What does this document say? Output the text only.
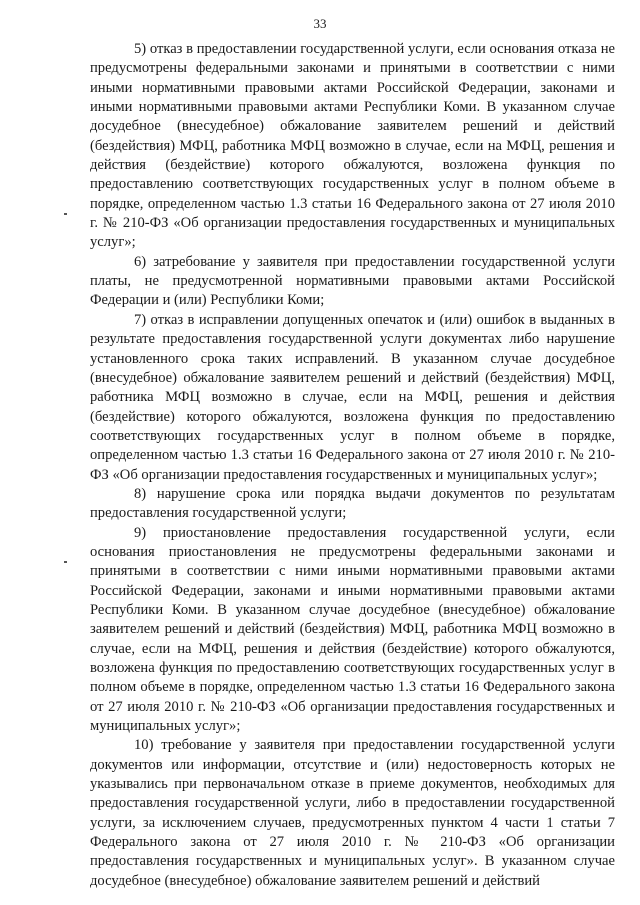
33

5) отказ в предоставлении государственной услуги, если основания отказа не предусмотрены федеральными законами и принятыми в соответствии с ними иными нормативными правовыми актами Российской Федерации, законами и иными нормативными правовыми актами Республики Коми. В указанном случае досудебное (внесудебное) обжалование заявителем решений и действий (бездействия) МФЦ, работника МФЦ возможно в случае, если на МФЦ, решения и действия (бездействие) которого обжалуются, возложена функция по предоставлению соответствующих государственных услуг в полном объеме в порядке, определенном частью 1.3 статьи 16 Федерального закона от 27 июля 2010 г. № 210-ФЗ «Об организации предоставления государственных и муниципальных услуг»;

6) затребование у заявителя при предоставлении государственной услуги платы, не предусмотренной нормативными правовыми актами Российской Федерации и (или) Республики Коми;

7) отказ в исправлении допущенных опечаток и (или) ошибок в выданных в результате предоставления государственной услуги документах либо нарушение установленного срока таких исправлений. В указанном случае досудебное (внесудебное) обжалование заявителем решений и действий (бездействия) МФЦ, работника МФЦ возможно в случае, если на МФЦ, решения и действия (бездействие) которого обжалуются, возложена функция по предоставлению соответствующих государственных услуг в полном объеме в порядке, определенном частью 1.3 статьи 16 Федерального закона от 27 июля 2010 г. № 210-ФЗ «Об организации предоставления государственных и муниципальных услуг»;

8) нарушение срока или порядка выдачи документов по результатам предоставления государственной услуги;

9) приостановление предоставления государственной услуги, если основания приостановления не предусмотрены федеральными законами и принятыми в соответствии с ними иными нормативными правовыми актами Российской Федерации, законами и иными нормативными правовыми актами Республики Коми. В указанном случае досудебное (внесудебное) обжалование заявителем решений и действий (бездействия) МФЦ, работника МФЦ возможно в случае, если на МФЦ, решения и действия (бездействие) которого обжалуются, возложена функция по предоставлению соответствующих государственных услуг в полном объеме в порядке, определенном частью 1.3 статьи 16 Федерального закона от 27 июля 2010 г. № 210-ФЗ «Об организации предоставления государственных и муниципальных услуг»;

10) требование у заявителя при предоставлении государственной услуги документов или информации, отсутствие и (или) недостоверность которых не указывались при первоначальном отказе в приеме документов, необходимых для предоставления государственной услуги, либо в предоставлении государственной услуги, за исключением случаев, предусмотренных пунктом 4 части 1 статьи 7 Федерального закона от 27 июля 2010 г. № 210-ФЗ «Об организации предоставления государственных и муниципальных услуг». В указанном случае досудебное (внесудебное) обжалование заявителем решений и действий
